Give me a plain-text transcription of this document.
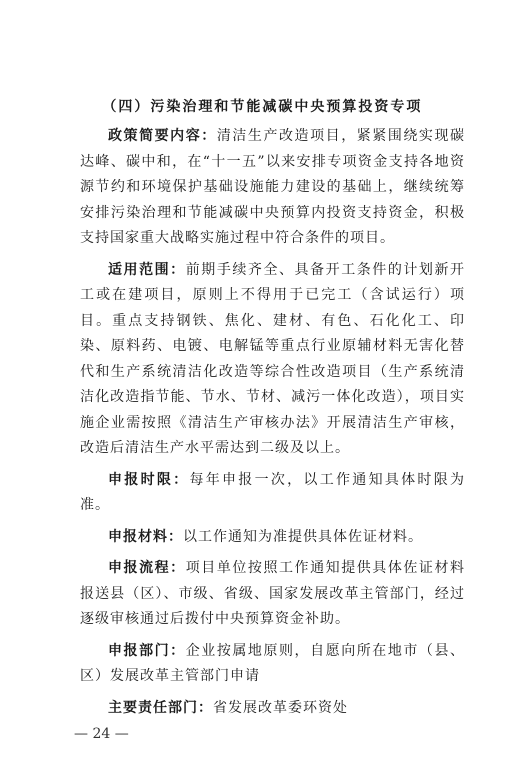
（四）污染治理和节能减碳中央预算投资专项

政策简要内容：清洁生产改造项目，紧紧围绕实现碳达峰、碳中和，在“十一五”以来安排专项资金支持各地资源节约和环境保护基础设施能力建设的基础上，继续统筹安排污染治理和节能减碳中央预算内投资支持资金，积极支持国家重大战略实施过程中符合条件的项目。

适用范围：前期手续齐全、具备开工条件的计划新开工或在建项目，原则上不得用于已完工（含试运行）项目。重点支持钢铁、焦化、建材、有色、石化化工、印染、原料药、电镀、电解锰等重点行业原辅材料无害化替代和生产系统清洁化改造等综合性改造项目（生产系统清洁化改造指节能、节水、节材、减污一体化改造），项目实施企业需按照《清洁生产审核办法》开展清洁生产审核，改造后清洁生产水平需达到二级及以上。

申报时限：每年申报一次，以工作通知具体时限为准。

申报材料：以工作通知为准提供具体佐证材料。

申报流程：项目单位按照工作通知提供具体佐证材料报送县（区）、市级、省级、国家发展改革主管部门，经过逐级审核通过后拨付中央预算资金补助。

申报部门：企业按属地原则，自愿向所在地市（县、区）发展改革主管部门申请

主要责任部门：省发展改革委环资处

— 24 —
